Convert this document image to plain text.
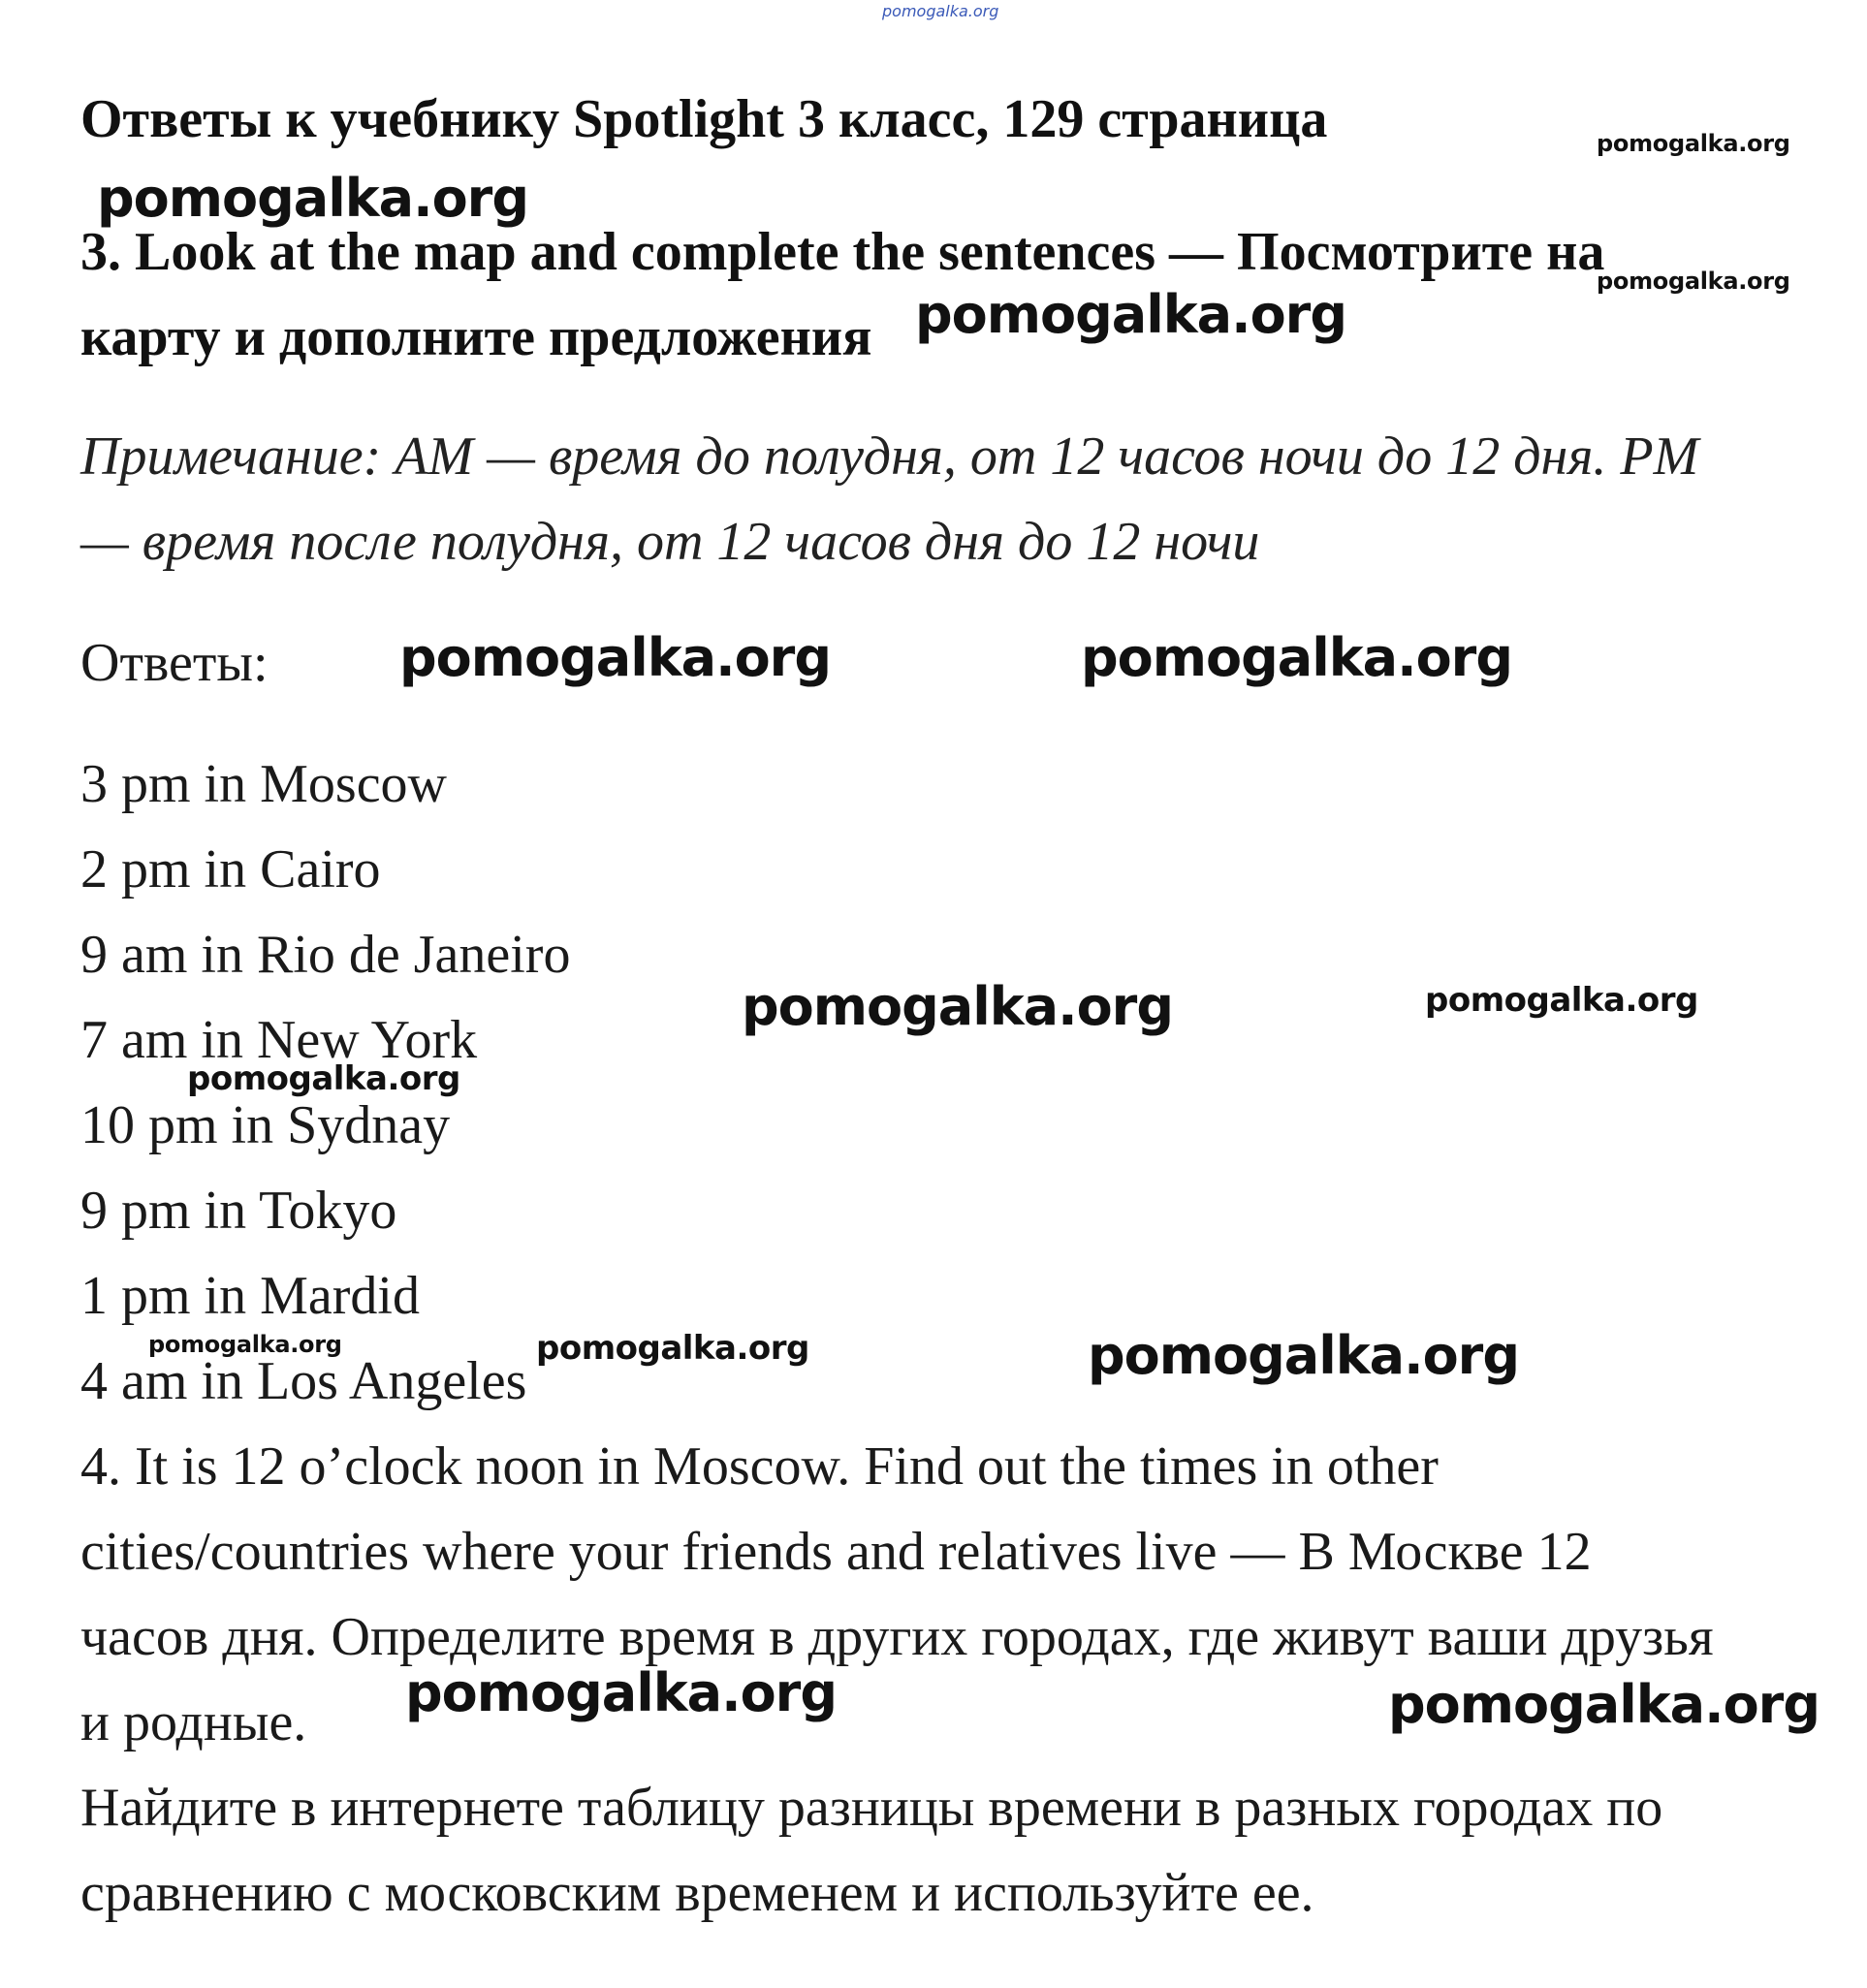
pomogalka.org
Ответы к учебнику Spotlight 3 класс, 129 страница
3. Look at the map and complete the sentences — Посмотрите на
карту и дополните предложения
Примечание: AM — время до полудня, от 12 часов ночи до 12 дня. PM
— время после полудня, от 12 часов дня до 12 ночи
Ответы:
3 pm in Moscow
2 pm in Cairo
9 am in Rio de Janeiro
7 am in New York
10 pm in Sydnay
9 pm in Tokyo
1 pm in Mardid
4 am in Los Angeles
4. It is 12 o’clock noon in Moscow. Find out the times in other
cities/countries where your friends and relatives live — В Москве 12
часов дня. Определите время в других городах, где живут ваши друзья
и родные.
Найдите в интернете таблицу разницы времени в разных городах по
сравнению с московским временем и используйте ее.
pomogalka.org
pomogalka.org
pomogalka.org
pomogalka.org
pomogalka.org	pomogalka.org
pomogalka.org	pomogalka.org
pomogalka.org
pomogalka.org	pomogalka.org	pomogalka.org
pomogalka.org	pomogalka.org
